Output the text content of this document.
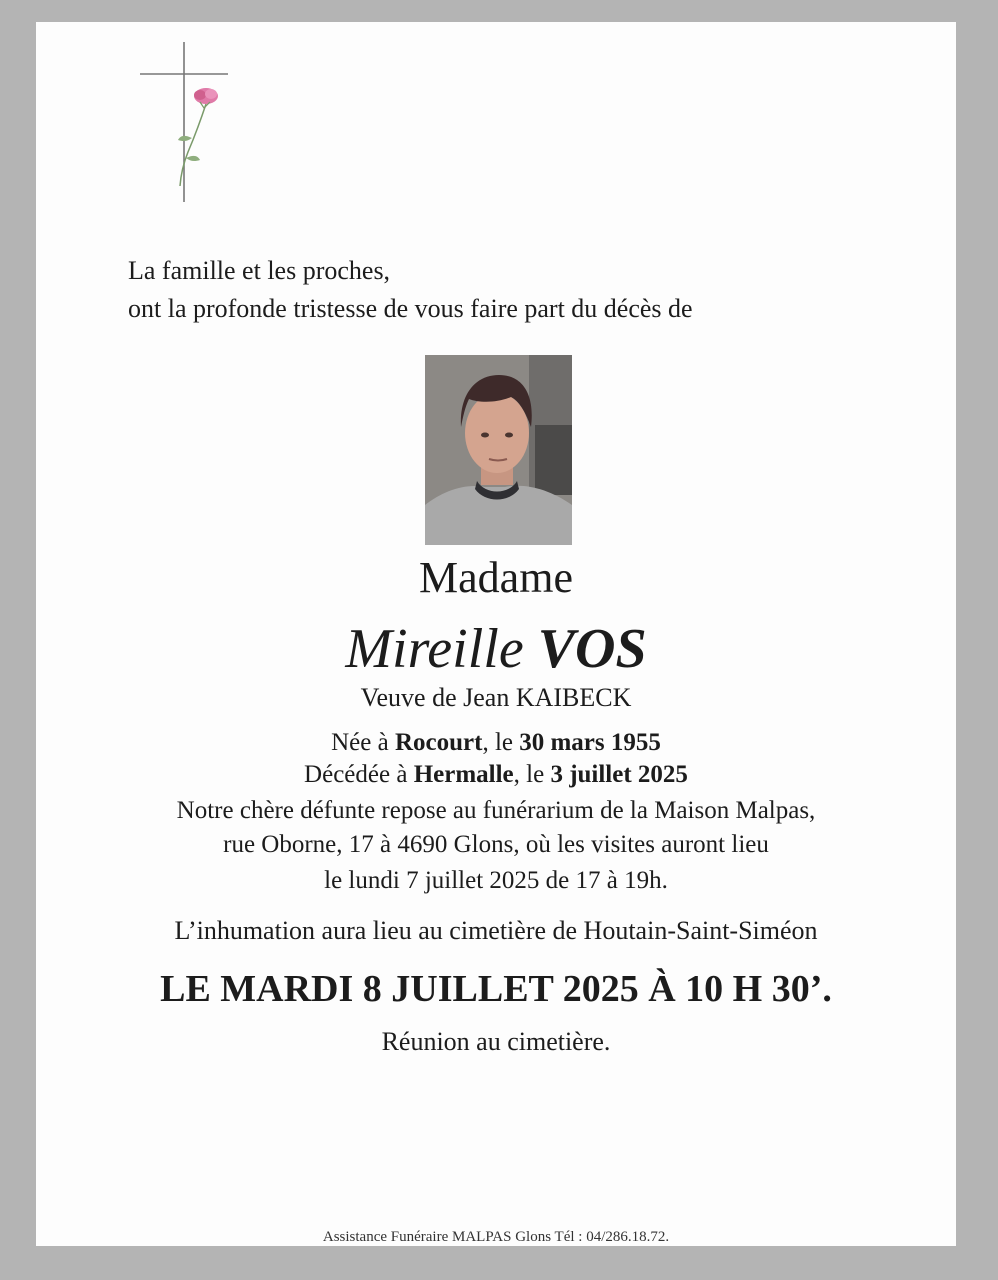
La famille et les proches,
ont la profonde tristesse de vous faire part du décès de
Madame
Mireille VOS
Veuve de Jean KAIBECK
Née à Rocourt, le 30 mars 1955
Décédée à Hermalle, le 3 juillet 2025
Notre chère défunte repose au funérarium de la Maison Malpas,
rue Oborne, 17 à 4690 Glons, où les visites auront lieu
le lundi 7 juillet 2025 de 17 à 19h.
L’inhumation aura lieu au cimetière de Houtain-Saint-Siméon
LE MARDI 8 JUILLET 2025 À 10 H 30’.
Réunion au cimetière.
Assistance Funéraire MALPAS Glons Tél : 04/286.18.72.
